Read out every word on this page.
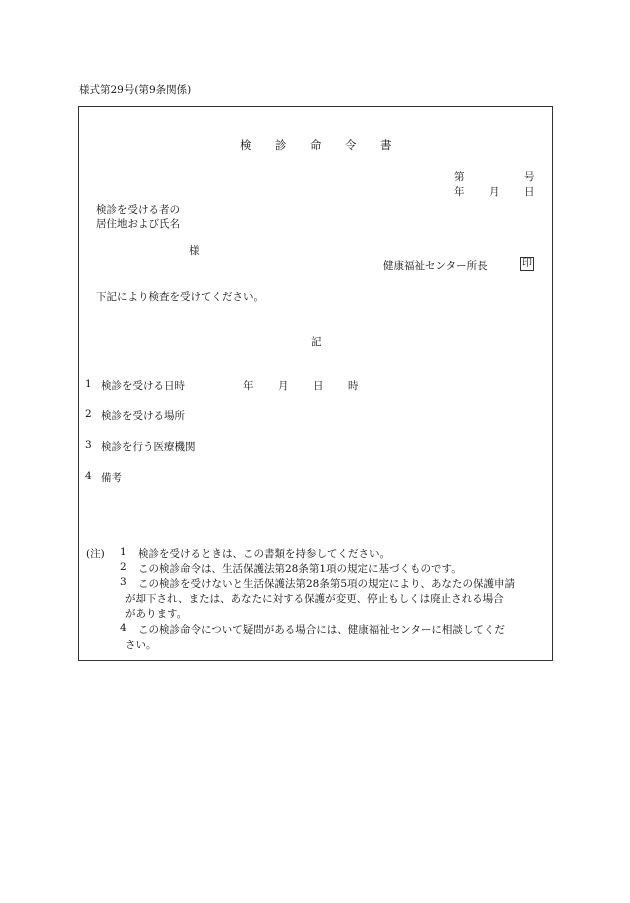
様式第29号(第9条関係)
検 診 命 令 書
第	号
年 月 日
検診を受ける者の
居住地および氏名
様
健康福祉センター所長	印
下記により検査を受けてください。
記
1 検診を受ける日時	年 月 日 時
2 検診を受ける場所
3 検診を行う医療機関
4 備考
(注) 1 検診を受けるときは、この書類を持参してください。
2 この検診命令は、生活保護法第28条第1項の規定に基づくものです。
3 この検診を受けないと生活保護法第28条第5項の規定により、あなたの保護申請
が却下され、または、あなたに対する保護が変更、停止もしくは廃止される場合
があります。
4 この検診命令について疑問がある場合には、健康福祉センターに相談してくだ
さい。
